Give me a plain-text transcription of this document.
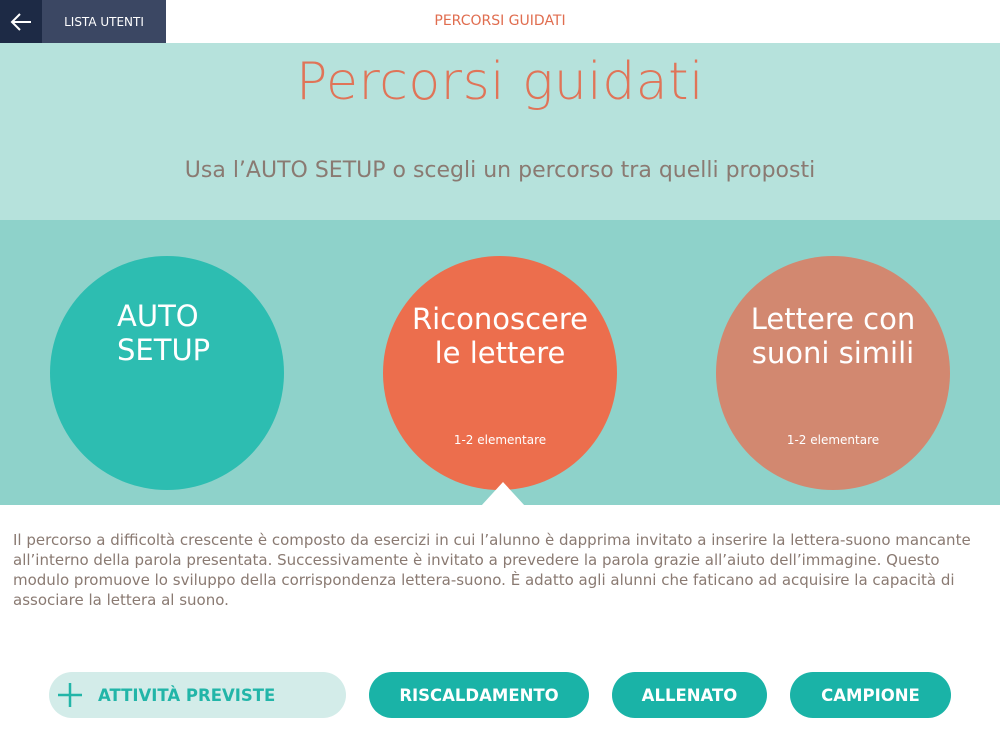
LISTA UTENTI	PERCORSI GUIDATI
Percorsi guidati
Usa l’AUTO SETUP o scegli un percorso tra quelli proposti
AUTO
SETUP
Riconoscere
le lettere
1-2 elementare
Lettere con
suoni simili
1-2 elementare
Il percorso a difficoltà crescente è composto da esercizi in cui l’alunno è dapprima invitato a inserire la lettera-suono mancante all’interno della parola presentata. Successivamente è invitato a prevedere la parola grazie all’aiuto dell’immagine. Questo modulo promuove lo sviluppo della corrispondenza lettera-suono. È adatto agli alunni che faticano ad acquisire la capacità di associare la lettera al suono.
ATTIVITÀ PREVISTE	RISCALDAMENTO	ALLENATO	CAMPIONE
